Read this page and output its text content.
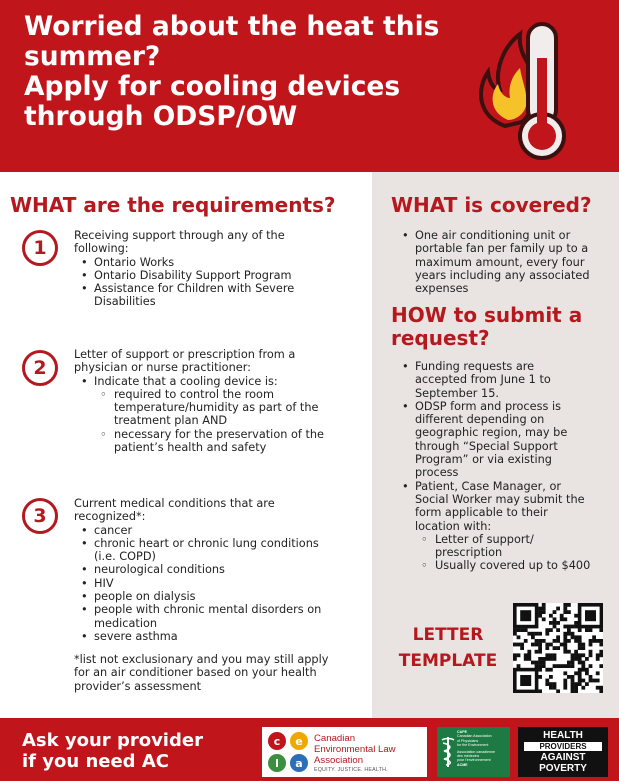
Worried about the heat this
summer?
Apply for cooling devices
through ODSP/OW
WHAT are the requirements?
1
Receiving support through any of the
following:
• Ontario Works
• Ontario Disability Support Program
• Assistance for Children with Severe
Disabilities
2
Letter of support or prescription from a
physician or nurse practitioner:
• Indicate that a cooling device is:
◦ required to control the room
temperature/humidity as part of the
treatment plan AND
◦ necessary for the preservation of the
patient’s health and safety
3
Current medical conditions that are
recognized*:
• cancer
• chronic heart or chronic lung conditions
(i.e. COPD)
• neurological conditions
• HIV
• people on dialysis
• people with chronic mental disorders on
medication
• severe asthma
*list not exclusionary and you may still apply
for an air conditioner based on your health
provider’s assessment
WHAT is covered?
• One air conditioning unit or
portable fan per family up to a
maximum amount, every four
years including any associated
expenses
HOW to submit a
request?
• Funding requests are
accepted from June 1 to
September 15.
• ODSP form and process is
different depending on
geographic region, may be
through “Special Support
Program” or via existing
process
• Patient, Case Manager, or
Social Worker may submit the
form applicable to their
location with:
◦ Letter of support/
prescription
◦ Usually covered up to $400
LETTER
TEMPLATE
Ask your provider
if you need AC
c e
l a
Canadian
Environmental Law
Association
EQUITY. JUSTICE. HEALTH.
CAPE
Canadian Association
of Physicians
for the Environment
Association canadienne
des médecins
pour l’environnement
ACME
HEALTH
PROVIDERS
AGAINST
POVERTY
